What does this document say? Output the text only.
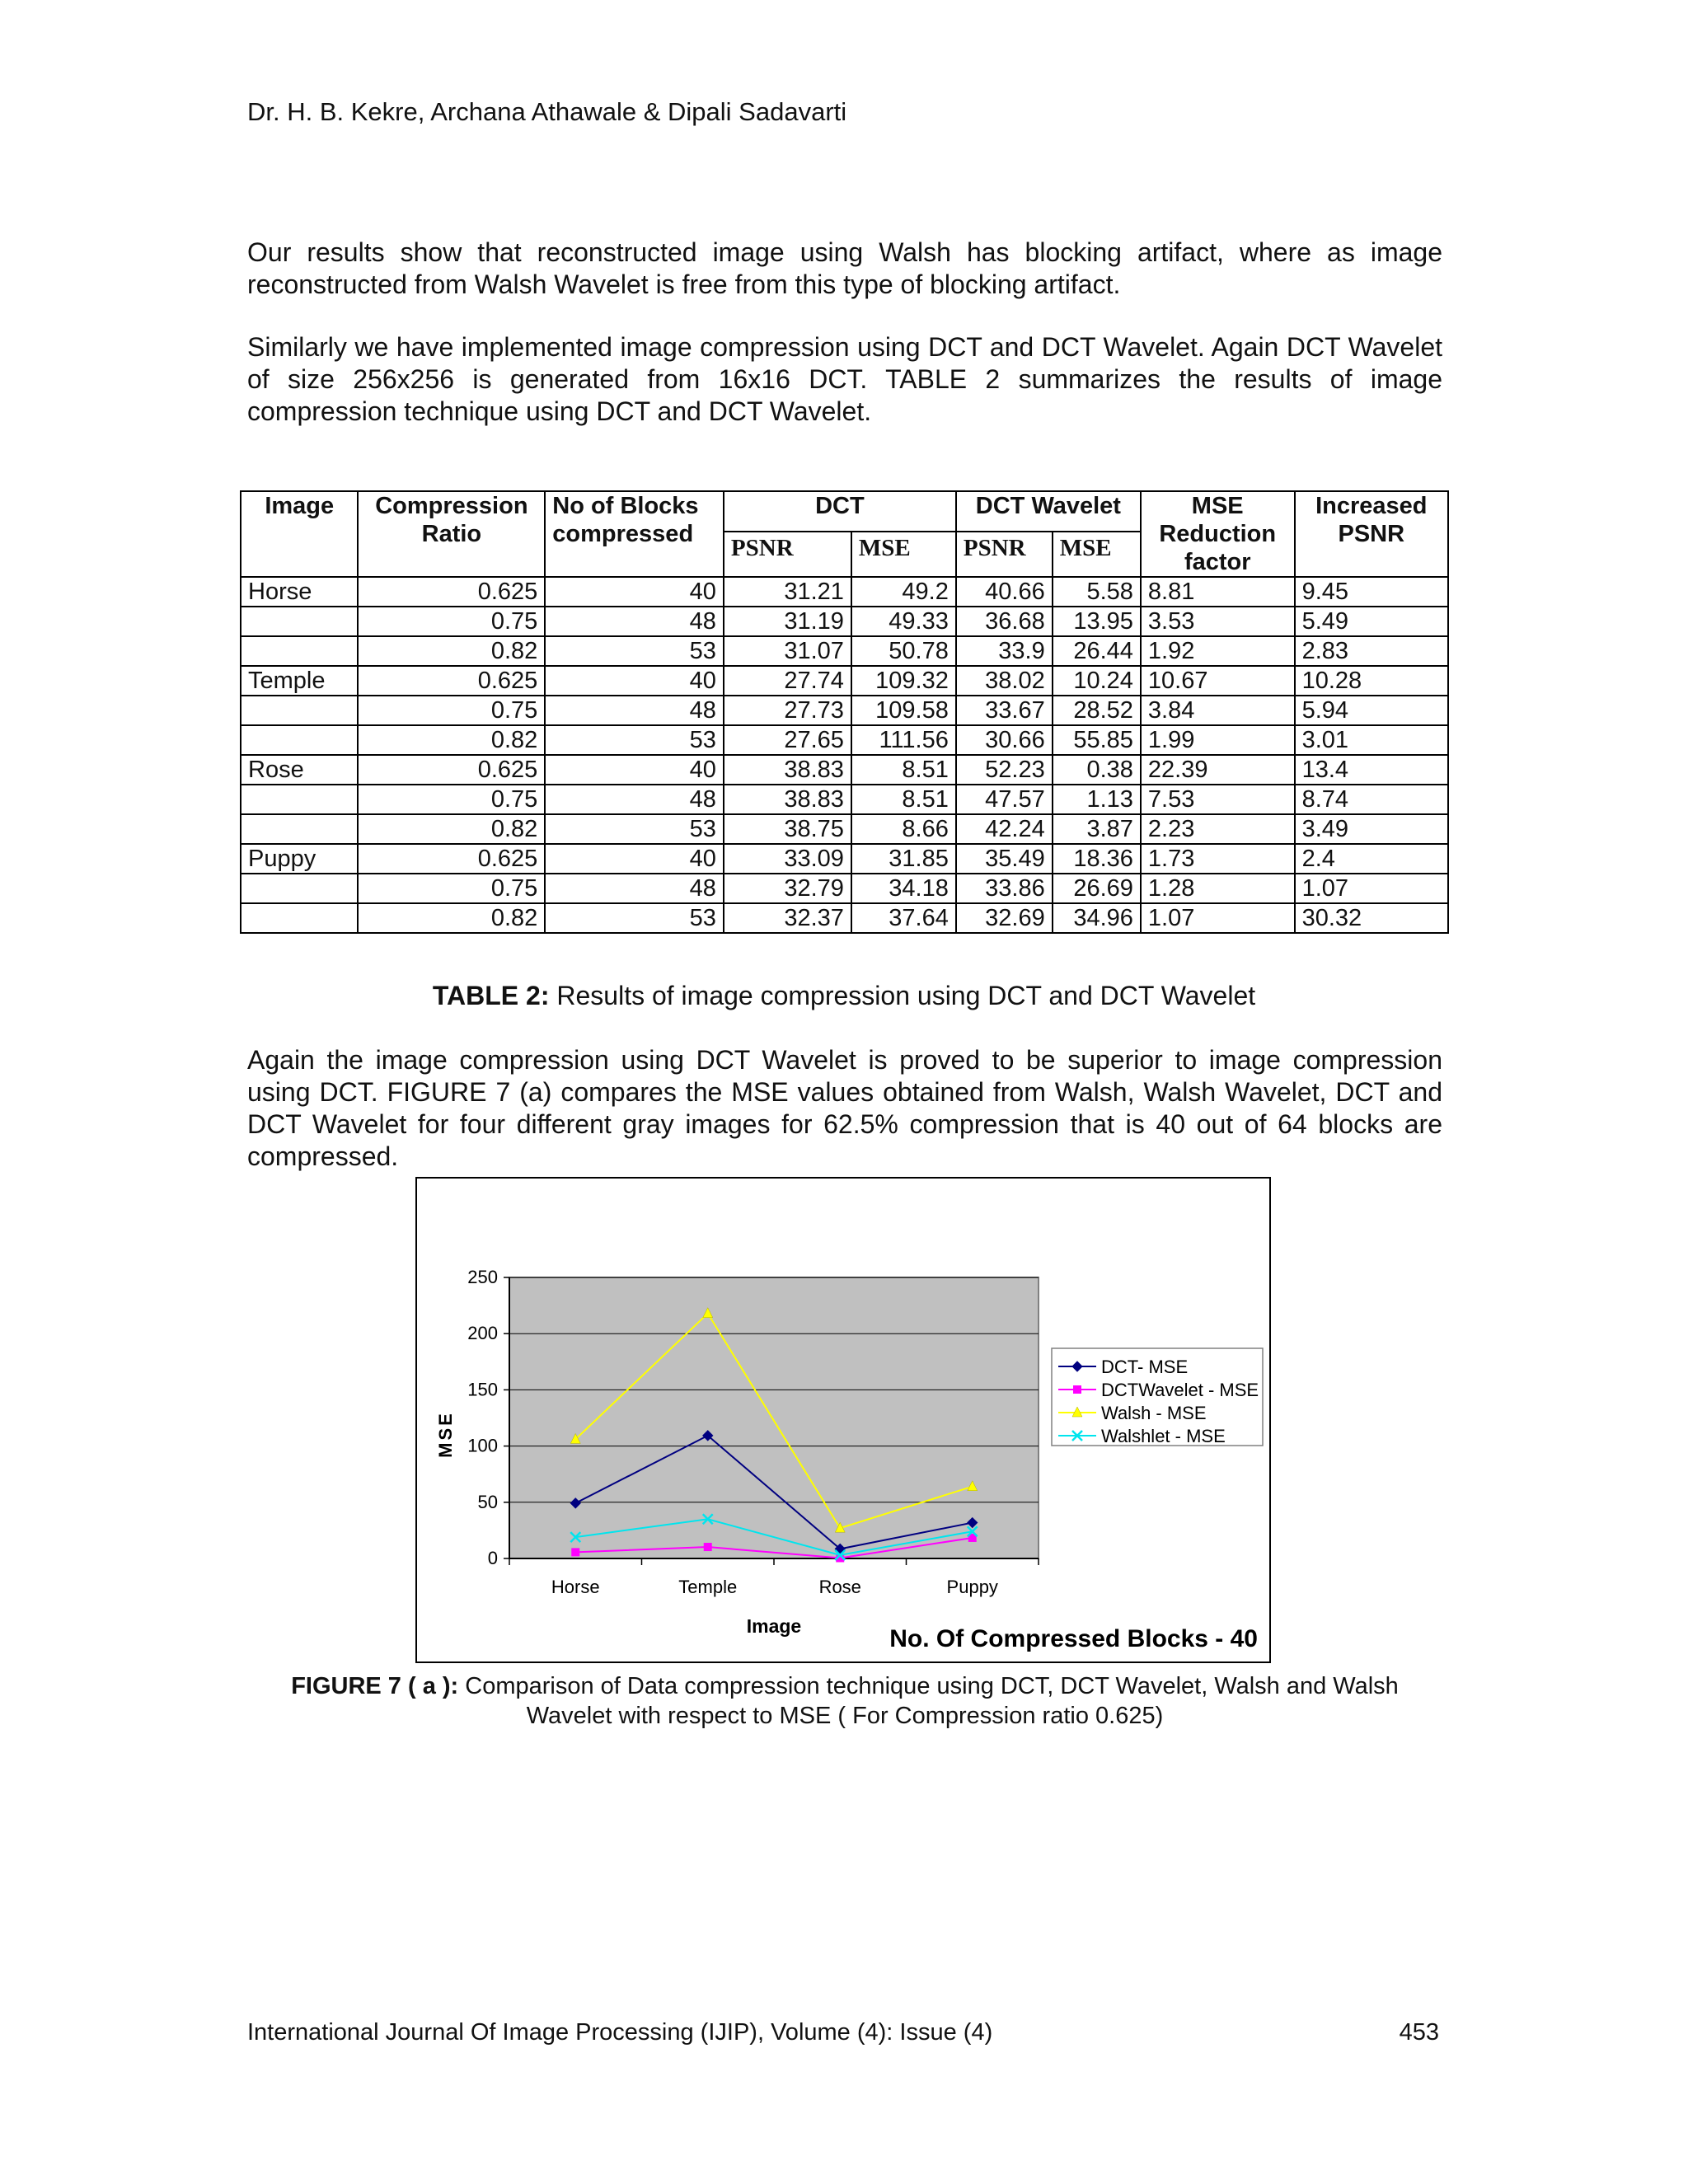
Dr. H. B. Kekre, Archana Athawale & Dipali Sadavarti

Our results show that reconstructed image using Walsh has blocking artifact, where as image reconstructed from Walsh Wavelet is free from this type of blocking artifact.

Similarly we have implemented image compression using DCT and DCT Wavelet. Again DCT Wavelet of size 256x256 is generated from 16x16 DCT. TABLE 2 summarizes the results of image compression technique using DCT and DCT Wavelet.

Image	Compression Ratio	No of Blocks compressed	DCT		DCT Wavelet		MSE Reduction factor	Increased PSNR
			PSNR	MSE	PSNR	MSE		
Horse	0.625	40	31.21	49.2	40.66	5.58	8.81	9.45
	0.75	48	31.19	49.33	36.68	13.95	3.53	5.49
	0.82	53	31.07	50.78	33.9	26.44	1.92	2.83
Temple	0.625	40	27.74	109.32	38.02	10.24	10.67	10.28
	0.75	48	27.73	109.58	33.67	28.52	3.84	5.94
	0.82	53	27.65	111.56	30.66	55.85	1.99	3.01
Rose	0.625	40	38.83	8.51	52.23	0.38	22.39	13.4
	0.75	48	38.83	8.51	47.57	1.13	7.53	8.74
	0.82	53	38.75	8.66	42.24	3.87	2.23	3.49
Puppy	0.625	40	33.09	31.85	35.49	18.36	1.73	2.4
	0.75	48	32.79	34.18	33.86	26.69	1.28	1.07
	0.82	53	32.37	37.64	32.69	34.96	1.07	30.32
TABLE 2: Results of image compression using DCT and DCT Wavelet

Again the image compression using DCT Wavelet is proved to be superior to image compression using DCT. FIGURE 7 (a) compares the MSE values obtained from Walsh, Walsh Wavelet, DCT and DCT Wavelet for four different gray images for 62.5% compression that is 40 out of 64 blocks are compressed.

0
50
100
150
200
250
Horse	Temple	Rose	Puppy
MSE
Image	No. Of Compressed Blocks - 40
DCT- MSE
DCTWavelet - MSE
Walsh - MSE
Walshlet - MSE
FIGURE 7 ( a ): Comparison of Data compression technique using DCT, DCT Wavelet, Walsh and Walsh Wavelet with respect to MSE ( For Compression ratio 0.625)
International Journal Of Image Processing (IJIP), Volume (4): Issue (4)	453
